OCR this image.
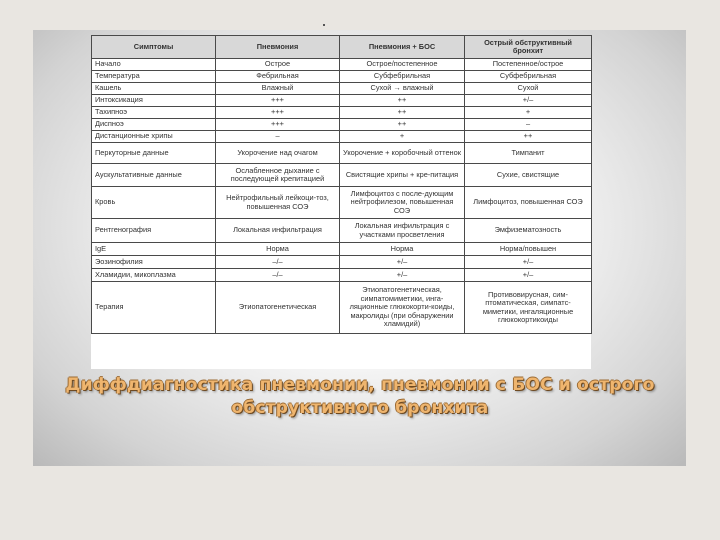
Симптомы	Пневмония	Пневмония + БОС	Острый обструктивный бронхит
Начало	Острое	Острое/постепенное	Постепенное/острое
Температура	Фебрильная	Субфебрильная	Субфебрильная
Кашель	Влажный	Сухой → влажный	Сухой
Интоксикация	+++	++	+/–
Тахипноэ	+++	++	+
Диспноэ	+++	++	–
Дистанционные хрипы	–	+	++
Перкуторные данные	Укорочение над очагом	Укорочение + коробочный оттенок	Тимпанит
Аускультативные данные	Ослабленное дыхание с последующей крепитацией	Свистящие хрипы + кре-питация	Сухие, свистящие
Кровь	Нейтрофильный лейкоци-тоз, повышенная СОЭ	Лимфоцитоз с после-дующим нейтрофилезом, повышенная СОЭ	Лимфоцитоз, повышенная СОЭ
Рентгенография	Локальная инфильтрация	Локальная инфильтрация с участками просветления	Эмфизематозность
IgE	Норма	Норма	Норма/повышен
Эозинофилия	–/–	+/–	+/–
Хламидии, микоплазма	–/–	+/–	+/–
Терапия	Этиопатогенетическая	Этиопатогенетическая, симпатомиметики, инга-ляционные глюкокорти-коиды, макролиды (при обнаружении хламидий)	Противовирусная, сим-птоматическая, симпатс-миметики, ингаляционные глюкокортикоиды
Диффдиагностика пневмонии, пневмонии с БОС и острого обструктивного бронхита
